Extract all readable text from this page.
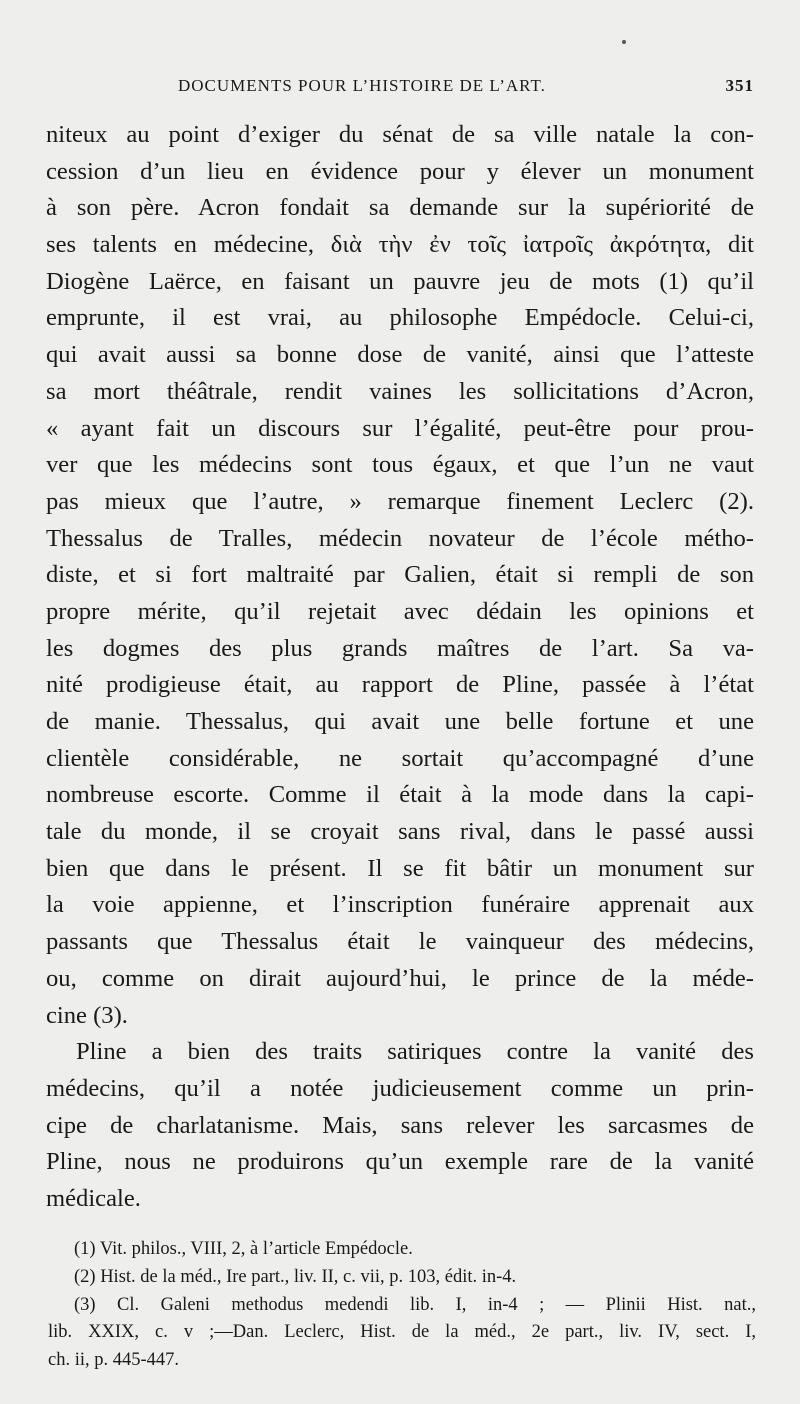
DOCUMENTS POUR L’HISTOIRE DE L’ART.	351
niteux au point d’exiger du sénat de sa ville natale la con-
cession d’un lieu en évidence pour y élever un monument
à son père. Acron fondait sa demande sur la supériorité de
ses talents en médecine, διὰ τὴν ἐν τοῖς ἰατροῖς ἀκρότητα, dit
Diogène Laërce, en faisant un pauvre jeu de mots (1) qu’il
emprunte, il est vrai, au philosophe Empédocle. Celui-ci,
qui avait aussi sa bonne dose de vanité, ainsi que l’atteste
sa mort théâtrale, rendit vaines les sollicitations d’Acron,
« ayant fait un discours sur l’égalité, peut-être pour prou-
ver que les médecins sont tous égaux, et que l’un ne vaut
pas mieux que l’autre, » remarque finement Leclerc (2).
Thessalus de Tralles, médecin novateur de l’école métho-
diste, et si fort maltraité par Galien, était si rempli de son
propre mérite, qu’il rejetait avec dédain les opinions et
les dogmes des plus grands maîtres de l’art. Sa va-
nité prodigieuse était, au rapport de Pline, passée à l’état
de manie. Thessalus, qui avait une belle fortune et une
clientèle considérable, ne sortait qu’accompagné d’une
nombreuse escorte. Comme il était à la mode dans la capi-
tale du monde, il se croyait sans rival, dans le passé aussi
bien que dans le présent. Il se fit bâtir un monument sur
la voie appienne, et l’inscription funéraire apprenait aux
passants que Thessalus était le vainqueur des médecins,
ou, comme on dirait aujourd’hui, le prince de la méde-
cine (3).
Pline a bien des traits satiriques contre la vanité des
médecins, qu’il a notée judicieusement comme un prin-
cipe de charlatanisme. Mais, sans relever les sarcasmes de
Pline, nous ne produirons qu’un exemple rare de la vanité
médicale.
(1) Vit. philos., VIII, 2, à l’article Empédocle.
(2) Hist. de la méd., Ire part., liv. II, c. vii, p. 103, édit. in-4.
(3) Cl. Galeni methodus medendi lib. I, in-4 ; — Plinii Hist. nat.,
lib. XXIX, c. v ;—Dan. Leclerc, Hist. de la méd., 2e part., liv. IV, sect. I,
ch. ii, p. 445-447.
